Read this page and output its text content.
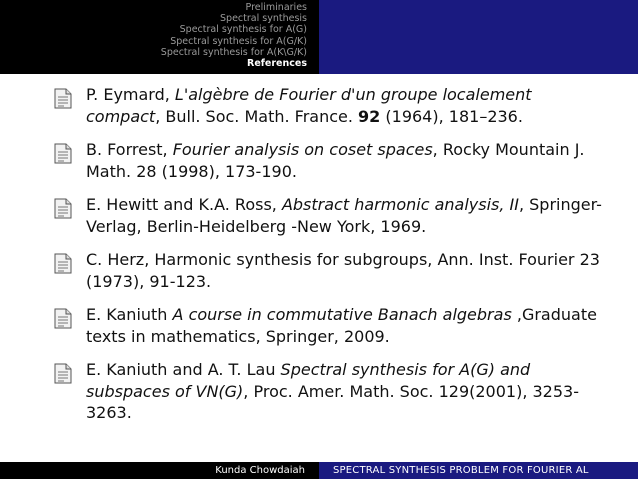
Preliminaries
Spectral synthesis
Spectral synthesis for A(G)
Spectral synthesis for A(G/K)
Spectral synthesis for A(K\G/K)
References
P. Eymard, L'algèbre de Fourier d'un groupe localement compact, Bull. Soc. Math. France. 92 (1964), 181–236.
B. Forrest, Fourier analysis on coset spaces, Rocky Mountain J. Math. 28 (1998), 173-190.
E. Hewitt and K.A. Ross, Abstract harmonic analysis, II, Springer-Verlag, Berlin-Heidelberg -New York, 1969.
C. Herz, Harmonic synthesis for subgroups, Ann. Inst. Fourier 23 (1973), 91-123.
E. Kaniuth A course in commutative Banach algebras ,Graduate texts in mathematics, Springer, 2009.
E. Kaniuth and A. T. Lau Spectral synthesis for A(G) and subspaces of VN(G), Proc. Amer. Math. Soc. 129(2001), 3253-3263.
Kunda Chowdaiah	SPECTRAL SYNTHESIS PROBLEM FOR FOURIER AL
